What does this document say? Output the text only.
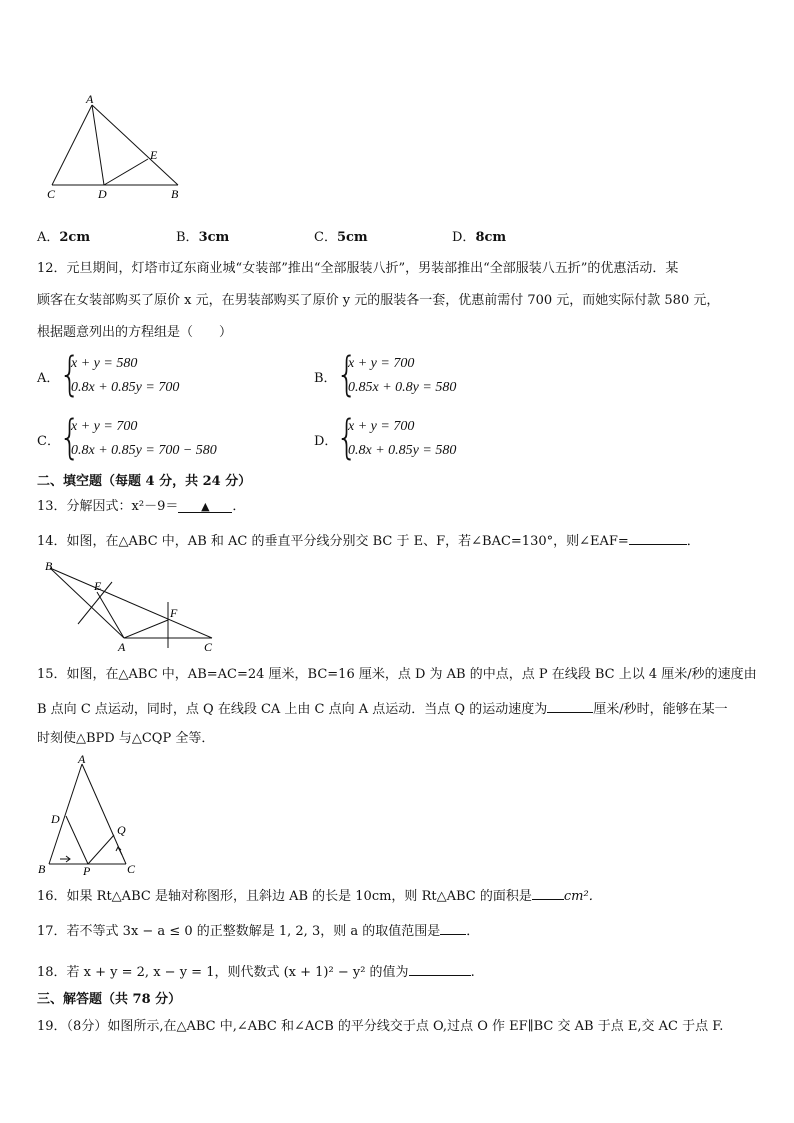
A
E
C	D	B
A．2cm	B．3cm	C．5cm	D．8cm
12．元旦期间，灯塔市辽东商业城“女装部”推出“全部服装八折”，男装部推出“全部服装八五折”的优惠活动．某
顾客在女装部购买了原价 x 元，在男装部购买了原价 y 元的服装各一套，优惠前需付 700 元，而她实际付款 580 元，
根据题意列出的方程组是（　　）
A． {
x + y = 580
0.8x + 0.85y = 700
B． {
x + y = 700
0.85x + 0.8y = 580
C． {
x + y = 700
0.8x + 0.85y = 700 − 580
D．
{
x + y = 700
0.8x + 0.85y = 580
二、填空题（每题 4 分，共 24 分）
13．分解因式：x²－9＝ ▲ ．
14．如图，在△ABC 中，AB 和 AC 的垂直平分线分别交 BC 于 E、F，若∠BAC=130°，则∠EAF=	．
B
E
F
A	C
15．如图，在△ABC 中，AB=AC=24 厘米，BC=16 厘米，点 D 为 AB 的中点，点 P 在线段 BC 上以 4 厘米/秒的速度由
B 点向 C 点运动，同时，点 Q 在线段 CA 上由 C 点向 A 点运动．当点 Q 的运动速度为	厘米/秒时，能够在某一
时刻使△BPD 与△CQP 全等．
A
D
Q
B	P	C
16．如果 Rt△ABC 是轴对称图形，且斜边 AB 的长是 10cm，则 Rt△ABC 的面积是 cm²．
17．若不等式 3x − a ≤ 0 的正整数解是 1, 2, 3，则 a 的取值范围是 ．
18．若 x + y = 2, x − y = 1，则代数式 (x + 1)² − y² 的值为	.
三、解答题（共 78 分）
19．（8分）如图所示,在△ABC 中,∠ABC 和∠ACB 的平分线交于点 O,过点 O 作 EF∥BC 交 AB 于点 E,交 AC 于点 F.
